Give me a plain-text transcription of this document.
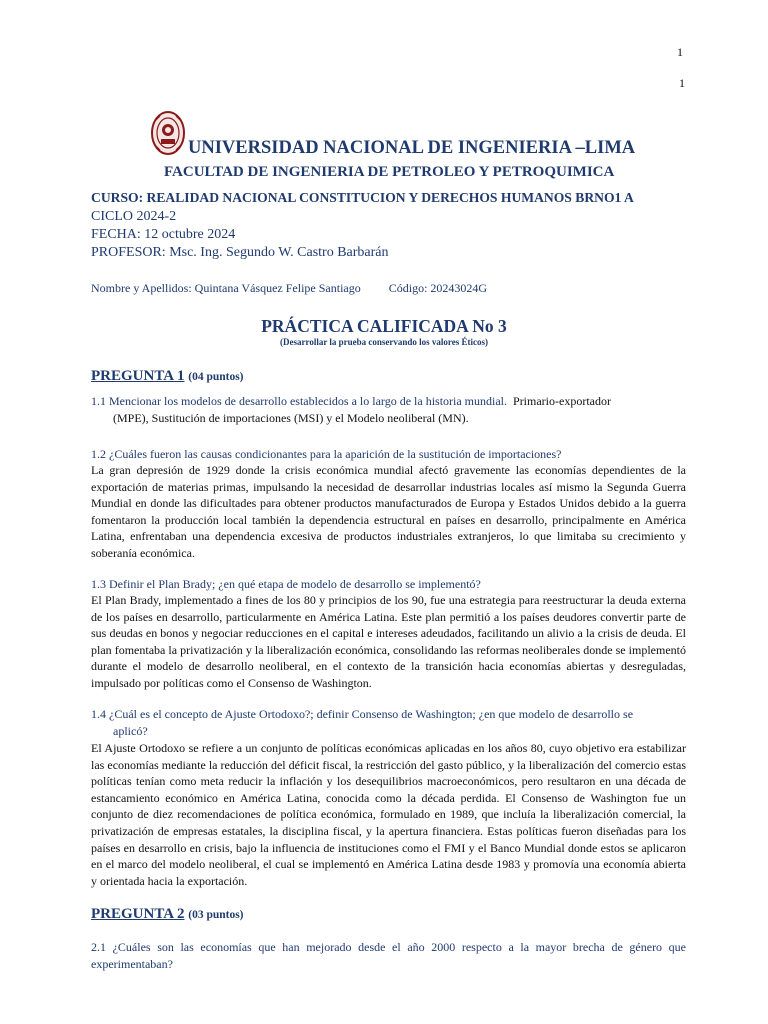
1
1
UNIVERSIDAD NACIONAL DE INGENIERIA –LIMA
FACULTAD DE INGENIERIA DE PETROLEO Y PETROQUIMICA
CURSO: REALIDAD NACIONAL CONSTITUCION Y DERECHOS HUMANOS BRNO1 A
CICLO 2024-2
FECHA: 12 octubre 2024
PROFESOR: Msc. Ing. Segundo W. Castro Barbarán
Nombre y Apellidos: Quintana Vásquez Felipe Santiago Código: 20243024G
PRÁCTICA CALIFICADA No 3
(Desarrollar la prueba conservando los valores Éticos)
PREGUNTA 1 (04 puntos)
1.1 Mencionar los modelos de desarrollo establecidos a lo largo de la historia mundial. Primario-exportador
(MPE), Sustitución de importaciones (MSI) y el Modelo neoliberal (MN).
1.2 ¿Cuáles fueron las causas condicionantes para la aparición de la sustitución de importaciones?
La gran depresión de 1929 donde la crisis económica mundial afectó gravemente las economías dependientes de la exportación de materias primas, impulsando la necesidad de desarrollar industrias locales así mismo la Segunda Guerra Mundial en donde las dificultades para obtener productos manufacturados de Europa y Estados Unidos debido a la guerra fomentaron la producción local también la dependencia estructural en países en desarrollo, principalmente en América Latina, enfrentaban una dependencia excesiva de productos industriales extranjeros, lo que limitaba su crecimiento y soberanía económica.
1.3 Definir el Plan Brady; ¿en qué etapa de modelo de desarrollo se implementó?
El Plan Brady, implementado a fines de los 80 y principios de los 90, fue una estrategia para reestructurar la deuda externa de los países en desarrollo, particularmente en América Latina. Este plan permitió a los países deudores convertir parte de sus deudas en bonos y negociar reducciones en el capital e intereses adeudados, facilitando un alivio a la crisis de deuda. El plan fomentaba la privatización y la liberalización económica, consolidando las reformas neoliberales donde se implementó durante el modelo de desarrollo neoliberal, en el contexto de la transición hacia economías abiertas y desreguladas, impulsado por políticas como el Consenso de Washington.
1.4 ¿Cuál es el concepto de Ajuste Ortodoxo?; definir Consenso de Washington; ¿en que modelo de desarrollo se
aplicó?
El Ajuste Ortodoxo se refiere a un conjunto de políticas económicas aplicadas en los años 80, cuyo objetivo era estabilizar las economías mediante la reducción del déficit fiscal, la restricción del gasto público, y la liberalización del comercio estas políticas tenían como meta reducir la inflación y los desequilibrios macroeconómicos, pero resultaron en una década de estancamiento económico en América Latina, conocida como la década perdida. El Consenso de Washington fue un conjunto de diez recomendaciones de política económica, formulado en 1989, que incluía la liberalización comercial, la privatización de empresas estatales, la disciplina fiscal, y la apertura financiera. Estas políticas fueron diseñadas para los países en desarrollo en crisis, bajo la influencia de instituciones como el FMI y el Banco Mundial donde estos se aplicaron en el marco del modelo neoliberal, el cual se implementó en América Latina desde 1983 y promovía una economía abierta y orientada hacia la exportación.
PREGUNTA 2 (03 puntos)
2.1 ¿Cuáles son las economías que han mejorado desde el año 2000 respecto a la mayor brecha de género que experimentaban?
